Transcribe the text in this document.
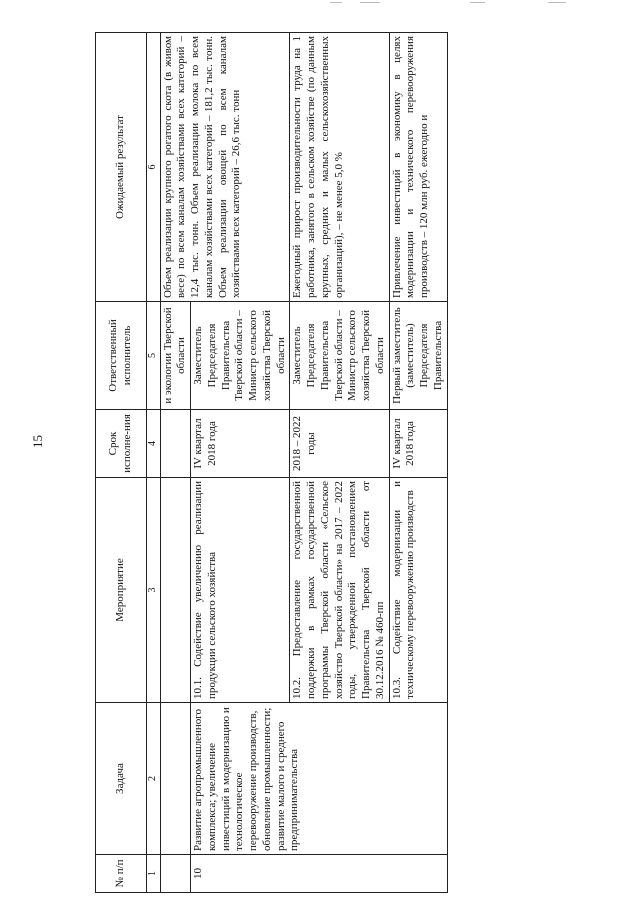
15
№ п/п	Задача	Мероприятие	Срок исполне-ния	Ответственный исполнитель	Ожидаемый результат
1	2	3	4	5	6
				и экологии Тверской области	Объем реализации крупного рогатого скота (в живом весе) по всем каналам хозяйствами всех категорий – 12,4 тыс. тонн. Объем реализации молока по всем каналам хозяйствами всех категорий – 181,2 тыс. тонн. Объем реализации овощей по всем каналам хозяйствами всех категорий – 26,6 тыс. тонн
10	Развитие агропромышленного комплекса; увеличение инвестиций в модернизацию и технологическое перевооружение производств, обновление промышленности; развитие малого и среднего предпринимательства	10.1. Содействие увеличению реализации продукции сельского хозяйства	IV квартал 2018 года	Заместитель Председателя Правительства Тверской области – Министр сельского хозяйства Тверской области	
		10.2. Предоставление государственной поддержки в рамках государственной программы Тверской области «Сельское хозяйство Тверской области» на 2017 – 2022 годы, утвержденной постановлением Правительства Тверской области от 30.12.2016 № 460-пп	2018 – 2022 годы	Заместитель Председателя Правительства Тверской области – Министр сельского хозяйства Тверской области	Ежегодный прирост производительности труда на 1 работника, занятого в сельском хозяйстве (по данным крупных, средних и малых сельскохозяйственных организаций), – не менее 5,0 %
		10.3. Содействие модернизации и техническому перевооружению производств	IV квартал 2018 года	Первый заместитель (заместитель) Председателя Правительства	Привлечение инвестиций в экономику в целях модернизации и технического перевооружения производств – 120 млн руб. ежегодно и
